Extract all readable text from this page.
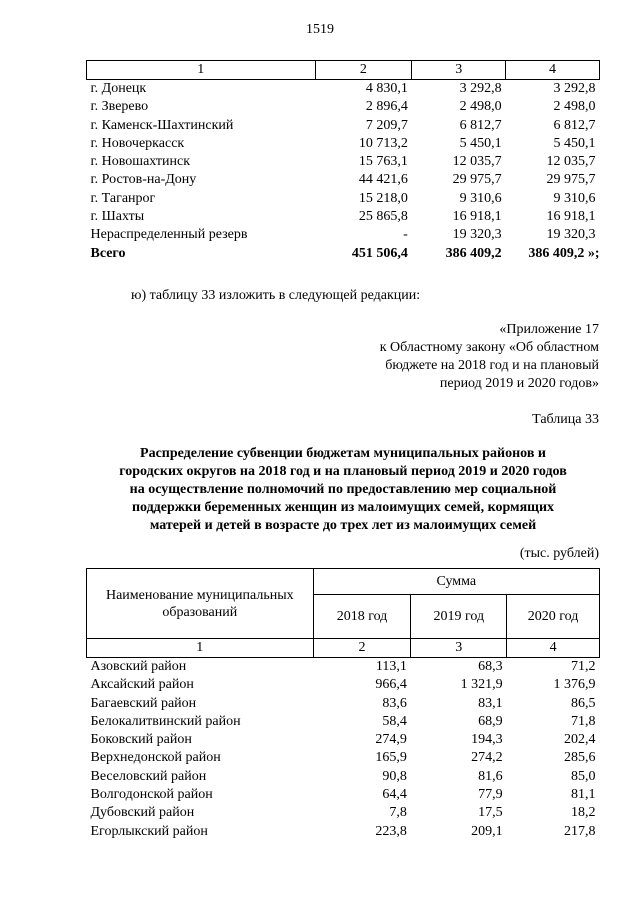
1519
1	2	3	4
г. Донецк	4 830,1	3 292,8	3 292,8
г. Зверево	2 896,4	2 498,0	2 498,0
г. Каменск-Шахтинский	7 209,7	6 812,7	6 812,7
г. Новочеркасск	10 713,2	5 450,1	5 450,1
г. Новошахтинск	15 763,1	12 035,7	12 035,7
г. Ростов-на-Дону	44 421,6	29 975,7	29 975,7
г. Таганрог	15 218,0	9 310,6	9 310,6
г. Шахты	25 865,8	16 918,1	16 918,1
Нераспределенный резерв	-	19 320,3	19 320,3
Всего	451 506,4	386 409,2	386 409,2 »;
ю) таблицу 33 изложить в следующей редакции:
«Приложение 17
к Областному закону «Об областном
бюджете на 2018 год и на плановый
период 2019 и 2020 годов»
Таблица 33
Распределение субвенции бюджетам муниципальных районов и
городских округов на 2018 год и на плановый период 2019 и 2020 годов
на осуществление полномочий по предоставлению мер социальной
поддержки беременных женщин из малоимущих семей, кормящих
матерей и детей в возрасте до трех лет из малоимущих семей
(тыс. рублей)
Наименование муниципальных образований	Сумма		
	2018 год	2019 год	2020 год
1	2	3	4
Азовский район	113,1	68,3	71,2
Аксайский район	966,4	1 321,9	1 376,9
Багаевский район	83,6	83,1	86,5
Белокалитвинский район	58,4	68,9	71,8
Боковский район	274,9	194,3	202,4
Верхнедонской район	165,9	274,2	285,6
Веселовский район	90,8	81,6	85,0
Волгодонской район	64,4	77,9	81,1
Дубовский район	7,8	17,5	18,2
Егорлыкский район	223,8	209,1	217,8
